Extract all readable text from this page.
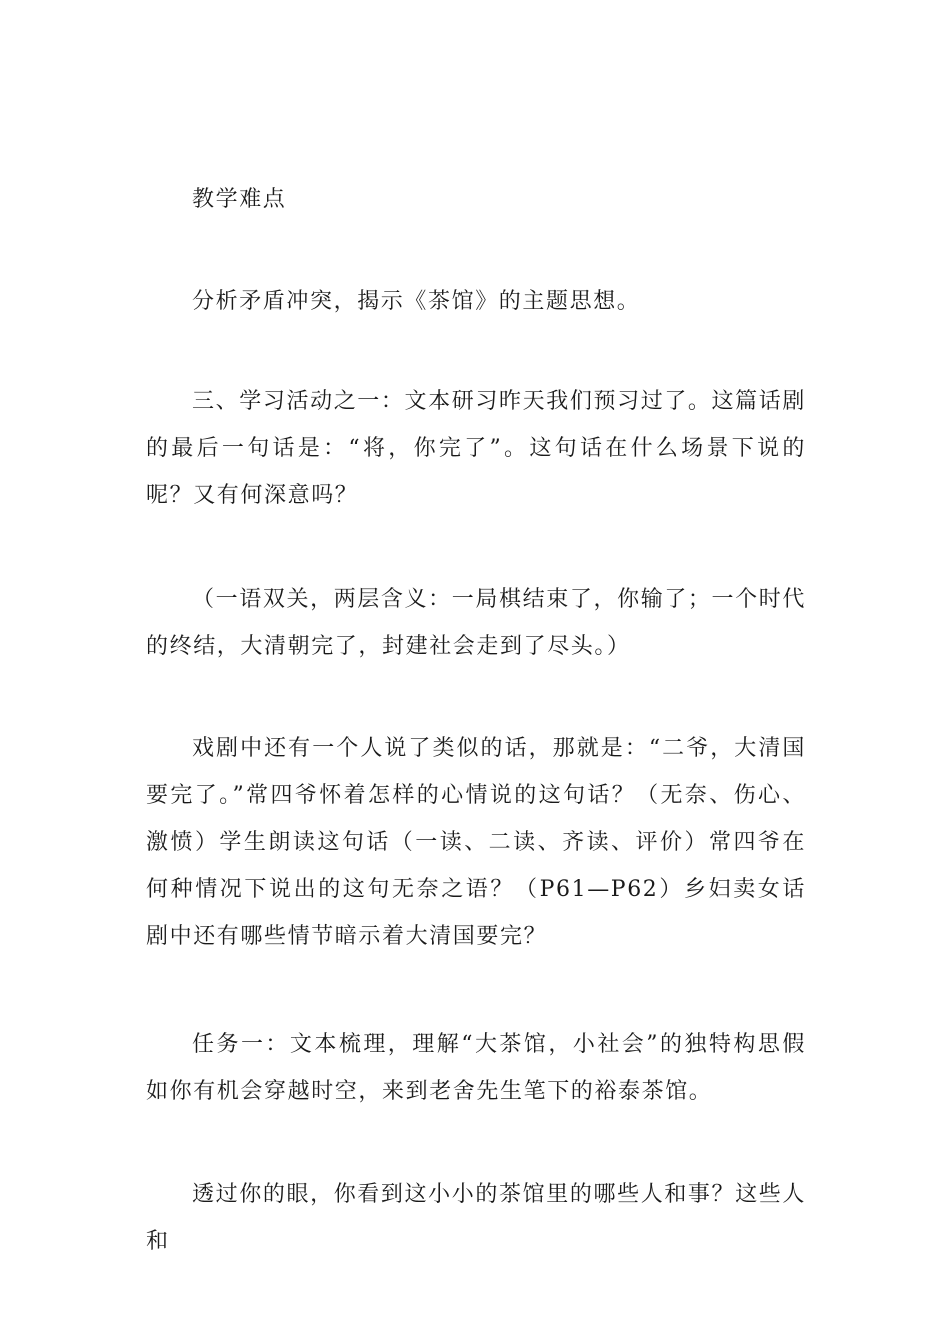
教学难点

分析矛盾冲突，揭示《茶馆》的主题思想。

三、学习活动之一：文本研习昨天我们预习过了。这篇话剧的最后一句话是：“将，你完了”。这句话在什么场景下说的呢？又有何深意吗？

（一语双关，两层含义：一局棋结束了，你输了；一个时代的终结，大清朝完了，封建社会走到了尽头。）

戏剧中还有一个人说了类似的话，那就是：“二爷，大清国要完了。”常四爷怀着怎样的心情说的这句话？（无奈、伤心、激愤）学生朗读这句话（一读、二读、齐读、评价）常四爷在何种情况下说出的这句无奈之语？（P61—P62）乡妇卖女话剧中还有哪些情节暗示着大清国要完？

任务一：文本梳理，理解“大茶馆，小社会”的独特构思假如你有机会穿越时空，来到老舍先生笔下的裕泰茶馆。

透过你的眼，你看到这小小的茶馆里的哪些人和事？这些人和
